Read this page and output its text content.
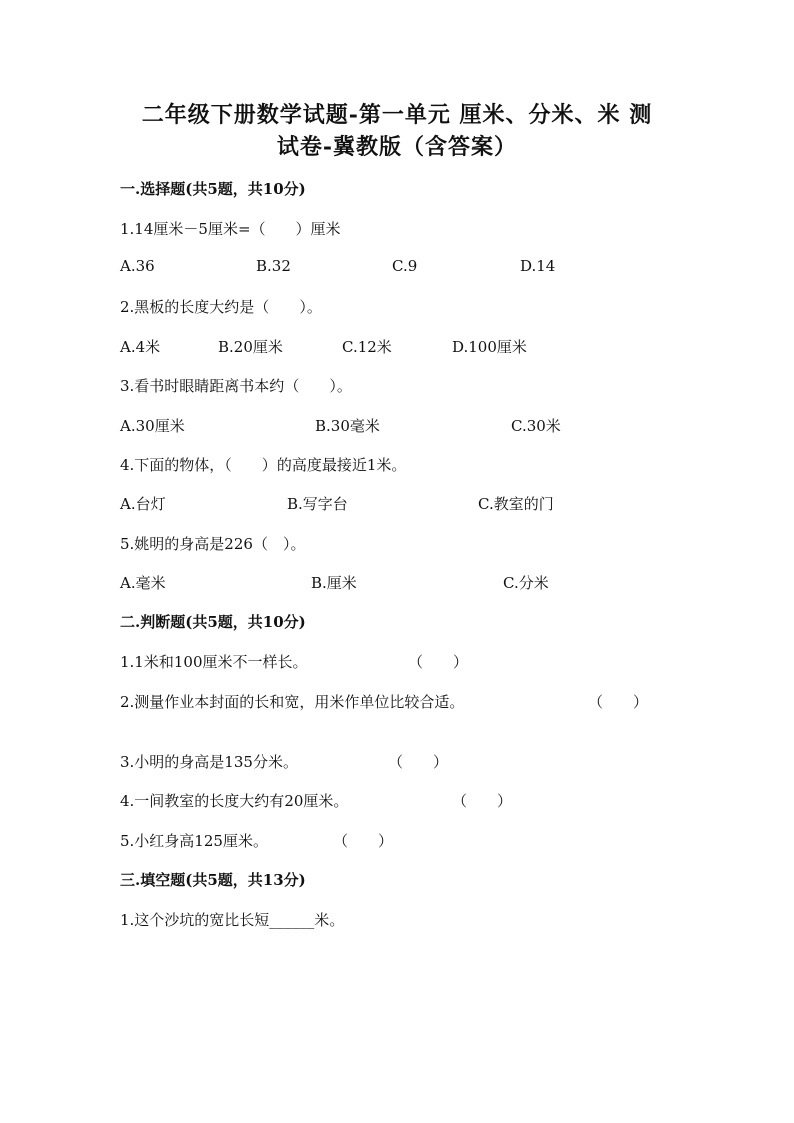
二年级下册数学试题-第一单元 厘米、分米、米 测
试卷-冀教版（含答案）
一.选择题(共5题，共10分)
1.14厘米－5厘米=（　　）厘米
A.36	B.32	C.9	D.14
2.黑板的长度大约是（　　）。
A.4米	B.20厘米	C.12米	D.100厘米
3.看书时眼睛距离书本约（　　）。
A.30厘米	B.30毫米	C.30米
4.下面的物体，（　　）的高度最接近1米。
A.台灯	B.写字台	C.教室的门
5.姚明的身高是226（　）。
A.毫米	B.厘米	C.分米
二.判断题(共5题，共10分)
1.1米和100厘米不一样长。	（　　）
2.测量作业本封面的长和宽，用米作单位比较合适。	（　　）
3.小明的身高是135分米。	（　　）
4.一间教室的长度大约有20厘米。	（　　）
5.小红身高125厘米。	（　　）
三.填空题(共5题，共13分)
1.这个沙坑的宽比长短______米。
